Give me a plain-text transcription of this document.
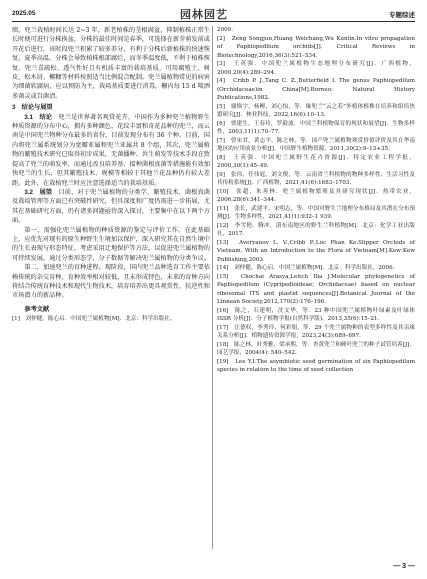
2025.05	园林园艺	专题综述

绩。兜兰栽植时间长达 2~3 年，新老植株的茎根满盆，抑制植株正常生长时便可进行分株换盆，分株的最佳时间是春季，可选择在新芽萌发前或开花后进行，该时段兜兰积累了较多养分，有利于分株后新植株的快速恢复。夏季高温，分株会导致植株根部腐烂，而冬季温度低，不利于植株恢复。兜兰喜疏松、透气性好且有机质丰富的栽培基质，可用腐殖土、树皮、松木屑、椰糠等材料按照适当比例混合配制。兜兰属植物常见的病害为细菌软腐病，应以预防为主，栽培基质要进行消毒，栅内每 15 d 喷洒多菌灵或百菌清。

3　结论与展望

3.1　结论　 兜兰是世界著名观赏花卉，中国作为多种兜兰植物野生种质资源的分布中心，拥有多种颜色、花纹丰富和奇花品种的兜兰，而云南是中国兜兰物种分布最多的省份，目前发现分布有 36 个种。目前，国内将兜兰属系统划分为宽瓣亚属和兜兰亚属共 8 个组，其次，兜兰属植物的繁殖技术研究已取得初步成果，无菌播种、共生萌发等技术手段在致提高了兜兰的萌发率，而通过改良培养基、接种菌根真菌等措施能有效加快兜兰的生长，但其繁殖技术、规模等相较于其他兰花品种仍有较大差距。此外，在栽植兜兰时应注意选择适当的栽培基质。

3.2　展望　 目前，对于兜兰属植物的分类学、繁殖技术、菌根真菌及栽培管理等方面已有突破性研究，但具深度和广度仍需进一步拓展，尤其在基础研究方面，仍有诸多问题亟待深入探讨，主要集中在以下两个方面。

第一，需强化兜兰属植物的种质资源的鉴定与评价工作。在此基础上，应优先对现有的原生种野生生境加以保护，深入研究其在自然生境中的生长表现与形态特征，考虑采用迁地保护等方法，以促进兜兰属植物的可持续发展。通过分类形态学、分子数据等解决兜兰属植物的分类争议。

第二，加速兜兰的育种进程。现阶段，国内兜兰品种选育工作主要依赖传统的杂交育种，育种效率相对较低，且未形成特色，未来的育种方向将结合传统育种技术和现代生物技术，培育培养出更具观赏性、抗逆性和市场潜力的新品种。

参考文献

[1]　刘仲健，陈心启．中国兜兰属植物[M]．北京：科学出版社，

2009.

[2]　Zeng Songjun,Huang Weichang,Wu Kunlin.In vitro propagation of Paphiopedilum orchids[J]. Critical Reviews in Biotechnology,2016,36(3):521–534.

[3]　王英强．中国兜兰属植物生态地理分布研究[J]．广西植物，2000,20(4):289–294.

[4]　Cribb P. J.,Tang C. Z.,Butterfield I. The genus Paphiopedilum (Orchidaceae)in China[M].Borneo: Natural History Publications,1982.

[5]　谢焕宇，杨柳，刘心怡，等．缘兜兰“云之若”外植体植株在培养和组培快繁研究[J]．林业科技，2022,16(6):10–13.

[6]　贾建生，王春玲，罗毅波．中国兰科植物保育的现状和展望[J]．生物多样性，2003,11(1):70–77.

[7]　曾宋君，黄志平，陈之林，等．国产兜兰属植物观赏价值评价及其在华南地区的应用前景分析[J]．中国野生植物资源，2011,30(2):9–13+35.

[8]　王英强．中国兜兰属野生花卉资源[J]．特定农业工程学报，2000,30(1):45–49.

[9]　张伟，任伟庭，刘文俊，等．云南省兰科植物的物种多样性、生活习性及其传粉系统[J]．广西植物，2021,41(6):1683–1703.

[10]　张超，朱善林．兜兰属植物繁殖及其研究现状[J]．热带农业，2006,28(6):341–344.

[11]　张长，武建平，宋明志，等．中国对野生兰地理分布格局及其潜在分布预测[J]．生物多样性，2021,41(1):932–1 939.

[12]　李雪艳．腾冲，滇东南地区的野生兰科植物[M]．北京：化学工业出版社，2017.

[13]　Averyanov L. V.,Cribb P.,Loc Phan Ke.Slipper Orchids of Vietnam. With an Introduction to the Flora of Vietnam[M].Kew:Kew Publishing,2003.

[14]　刘仲健，陈心启．中国兰属植物[M]．北京：科学出版社，2006.

[15]　Chochai Arasya,Leitch Ilia J.Molecular phylogenetics of Paphiopedilum (Cypripedioideae; Orchidaceae) based on nuclear ribosomal ITS and plastid sequences[J].Botanical Journal of the Linnean Society,2012,170(2):176–196.

[16]　陈之，石建明，沈文华，等．23 种中国兜兰属植物叶绿素及叶绿体 ISSR 分析[J]．分子植物学报(自然科学版)，2013,35(6):15–21.

[17]　汪德权，李秀玲，何彩娟，等．29 个兜兰属物种的表型多样性及其亲缘关系分析[J]．植物遗传资源学报，2023,24(3):689–697.

[18]　陈之林，叶秀雅，梁承熙，等．杏黄兜兰和硬叶兜兰的种子试管培养[J]．园艺学报，2004(4): 540–542.

[19]　Lee Y.I.The asymbiotic seed germination of six Paphiopedilum species in relation to the time of seed collection

— 3 —
